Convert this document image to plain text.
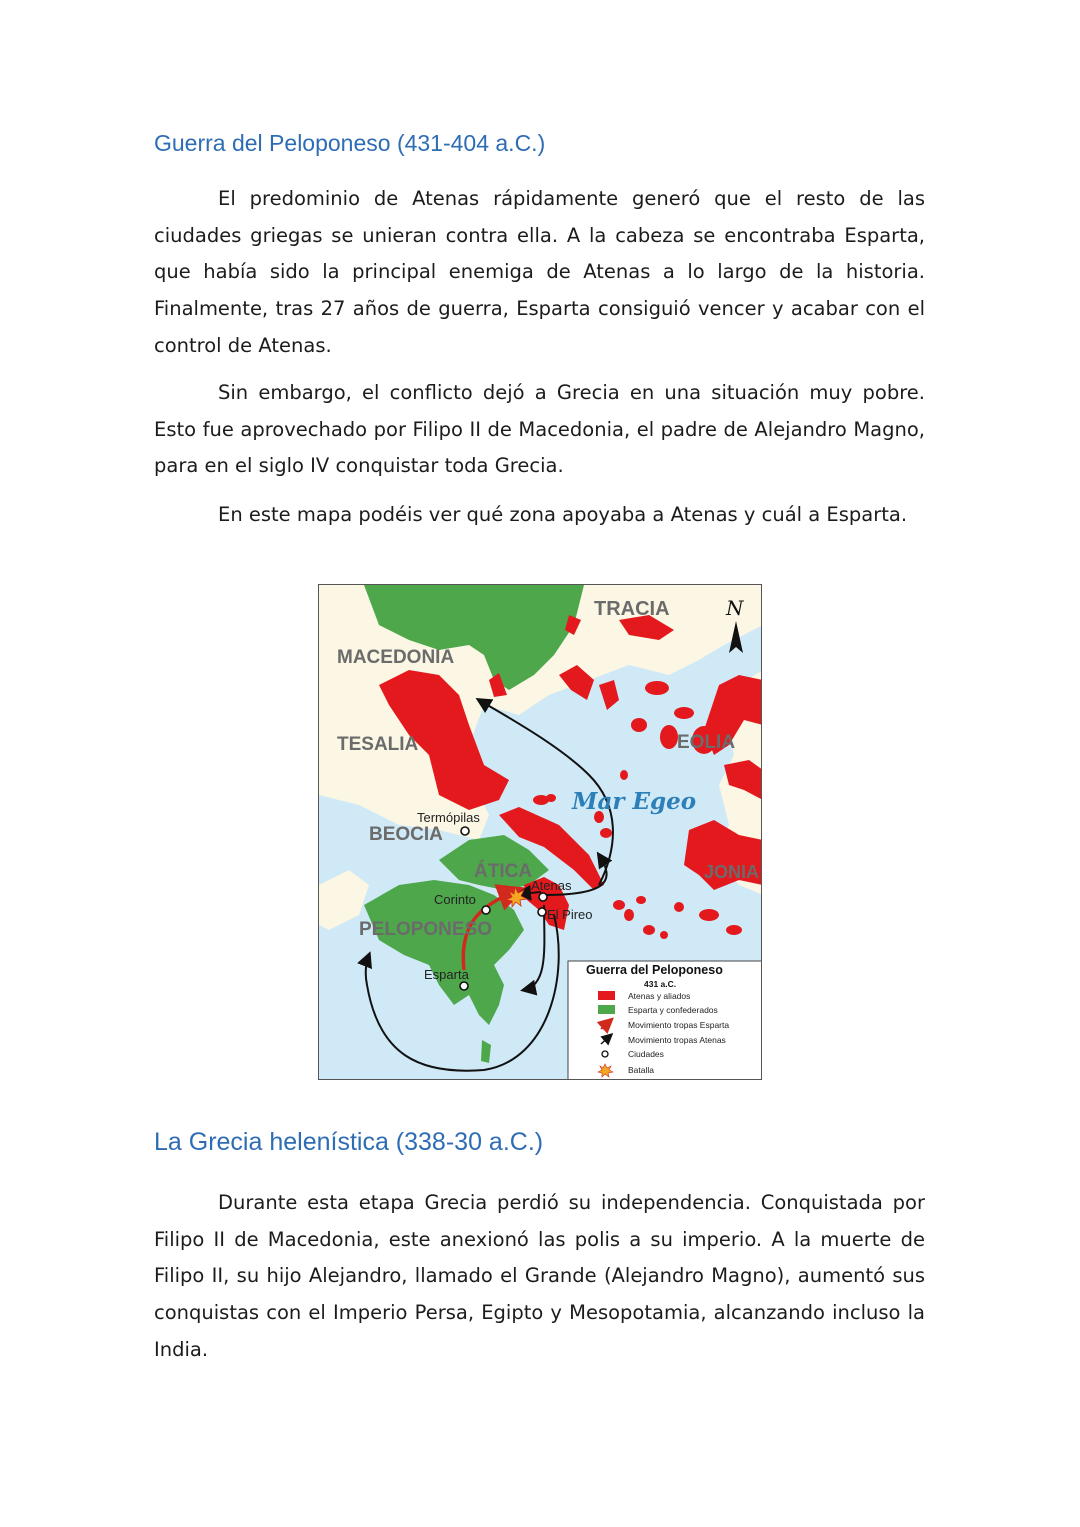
Guerra del Peloponeso (431-404 a.C.)

El predominio de Atenas rápidamente generó que el resto de las ciudades griegas se unieran contra ella. A la cabeza se encontraba Esparta, que había sido la principal enemiga de Atenas a lo largo de la historia. Finalmente, tras 27 años de guerra, Esparta consiguió vencer y acabar con el control de Atenas.

Sin embargo, el conflicto dejó a Grecia en una situación muy pobre. Esto fue aprovechado por Filipo II de Macedonia, el padre de Alejandro Magno, para en el siglo IV conquistar toda Grecia.

En este mapa podéis ver qué zona apoyaba a Atenas y cuál a Esparta.

TRACIA
MACEDONIA
TESALIA	EOLIA
BEOCIA
ÁTICA
PELOPONESO
JONIA
Mar Egeo
N
Termópilas
Corinto
Atenas
El Pireo
Esparta	Guerra del Peloponeso
431 a.C.
Atenas y aliados
Esparta y confederados
Movimiento tropas Esparta
Movimiento tropas Atenas
Ciudades
Batalla
La Grecia helenística (338-30 a.C.)

Durante esta etapa Grecia perdió su independencia. Conquistada por Filipo II de Macedonia, este anexionó las polis a su imperio. A la muerte de Filipo II, su hijo Alejandro, llamado el Grande (Alejandro Magno), aumentó sus conquistas con el Imperio Persa, Egipto y Mesopotamia, alcanzando incluso la India.
